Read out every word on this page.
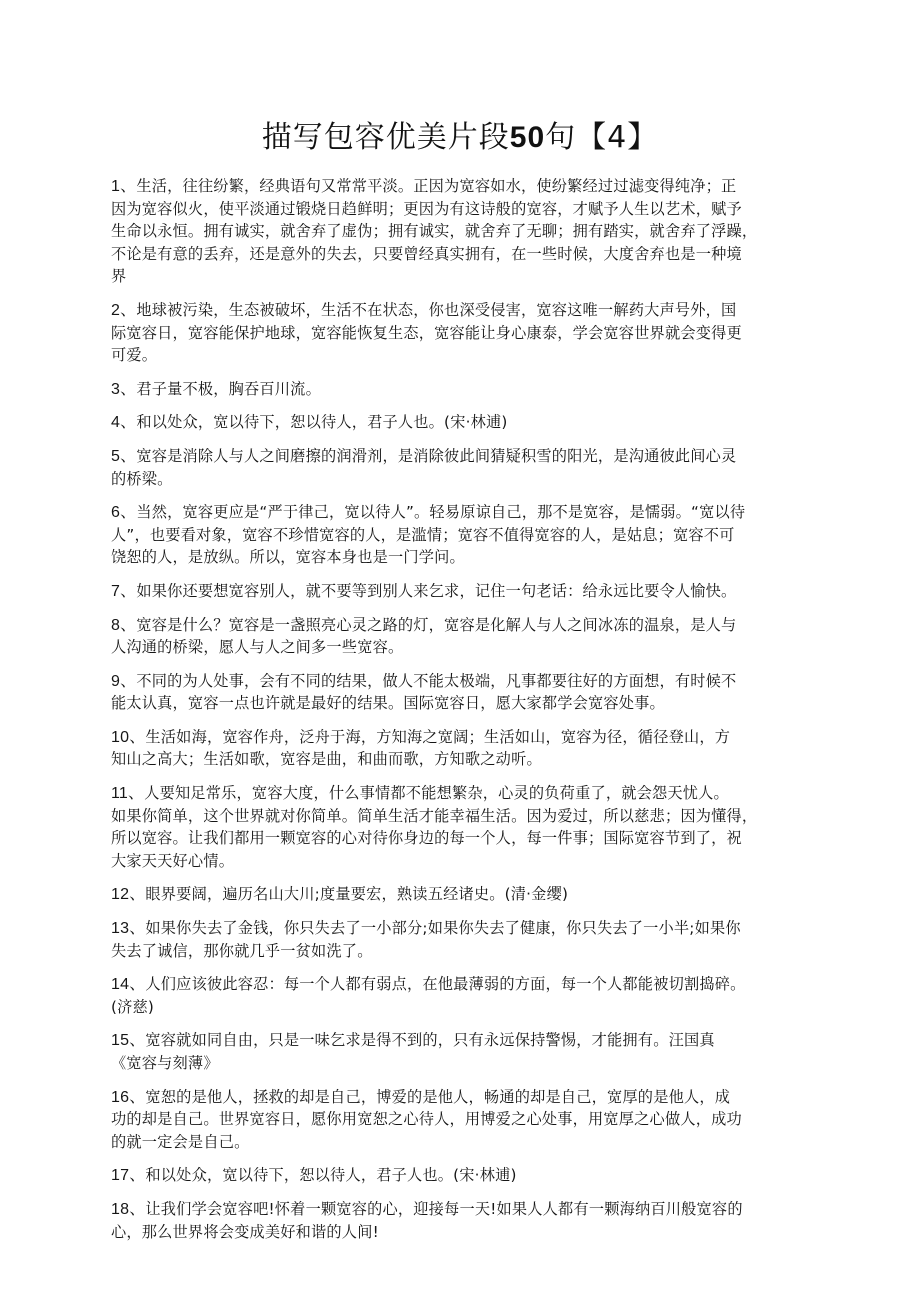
描写包容优美片段50句【4】
1、生活，往往纷繁，经典语句又常常平淡。正因为宽容如水，使纷繁经过过滤变得纯净；正
因为宽容似火，使平淡通过锻烧日趋鲜明；更因为有这诗般的宽容，才赋予人生以艺术，赋予
生命以永恒。拥有诚实，就舍弃了虚伪；拥有诚实，就舍弃了无聊；拥有踏实，就舍弃了浮躁，
不论是有意的丢弃，还是意外的失去，只要曾经真实拥有，在一些时候，大度舍弃也是一种境
界
2、地球被污染，生态被破坏，生活不在状态，你也深受侵害，宽容这唯一解药大声号外，国
际宽容日，宽容能保护地球，宽容能恢复生态，宽容能让身心康泰，学会宽容世界就会变得更
可爱。
3、君子量不极，胸吞百川流。
4、和以处众，宽以待下，恕以待人，君子人也。(宋·林逋)
5、宽容是消除人与人之间磨擦的润滑剂，是消除彼此间猜疑积雪的阳光，是沟通彼此间心灵
的桥梁。
6、当然，宽容更应是“严于律己，宽以待人”。轻易原谅自己，那不是宽容，是懦弱。“宽以待
人”，也要看对象，宽容不珍惜宽容的人，是滥情；宽容不值得宽容的人，是姑息；宽容不可
饶恕的人，是放纵。所以，宽容本身也是一门学问。
7、如果你还要想宽容别人，就不要等到别人来乞求，记住一句老话：给永远比要令人愉快。
8、宽容是什么？宽容是一盏照亮心灵之路的灯，宽容是化解人与人之间冰冻的温泉，是人与
人沟通的桥梁，愿人与人之间多一些宽容。
9、不同的为人处事，会有不同的结果，做人不能太极端，凡事都要往好的方面想，有时候不
能太认真，宽容一点也许就是最好的结果。国际宽容日，愿大家都学会宽容处事。
10、生活如海，宽容作舟，泛舟于海，方知海之宽阔；生活如山，宽容为径，循径登山，方
知山之高大；生活如歌，宽容是曲，和曲而歌，方知歌之动听。
11、人要知足常乐，宽容大度，什么事情都不能想繁杂，心灵的负荷重了，就会怨天忧人。
如果你简单，这个世界就对你简单。简单生活才能幸福生活。因为爱过，所以慈悲；因为懂得，
所以宽容。让我们都用一颗宽容的心对待你身边的每一个人，每一件事；国际宽容节到了，祝
大家天天好心情。
12、眼界要阔，遍历名山大川;度量要宏，熟读五经诸史。(清·金缨)
13、如果你失去了金钱，你只失去了一小部分;如果你失去了健康，你只失去了一小半;如果你
失去了诚信，那你就几乎一贫如洗了。
14、人们应该彼此容忍：每一个人都有弱点，在他最薄弱的方面，每一个人都能被切割捣碎。
(济慈)
15、宽容就如同自由，只是一味乞求是得不到的，只有永远保持警惕，才能拥有。汪国真
《宽容与刻薄》
16、宽恕的是他人，拯救的却是自己，博爱的是他人，畅通的却是自己，宽厚的是他人，成
功的却是自己。世界宽容日，愿你用宽恕之心待人，用博爱之心处事，用宽厚之心做人，成功
的就一定会是自己。
17、和以处众，宽以待下，恕以待人，君子人也。(宋·林逋)
18、让我们学会宽容吧!怀着一颗宽容的心，迎接每一天!如果人人都有一颗海纳百川般宽容的
心，那么世界将会变成美好和谐的人间!
